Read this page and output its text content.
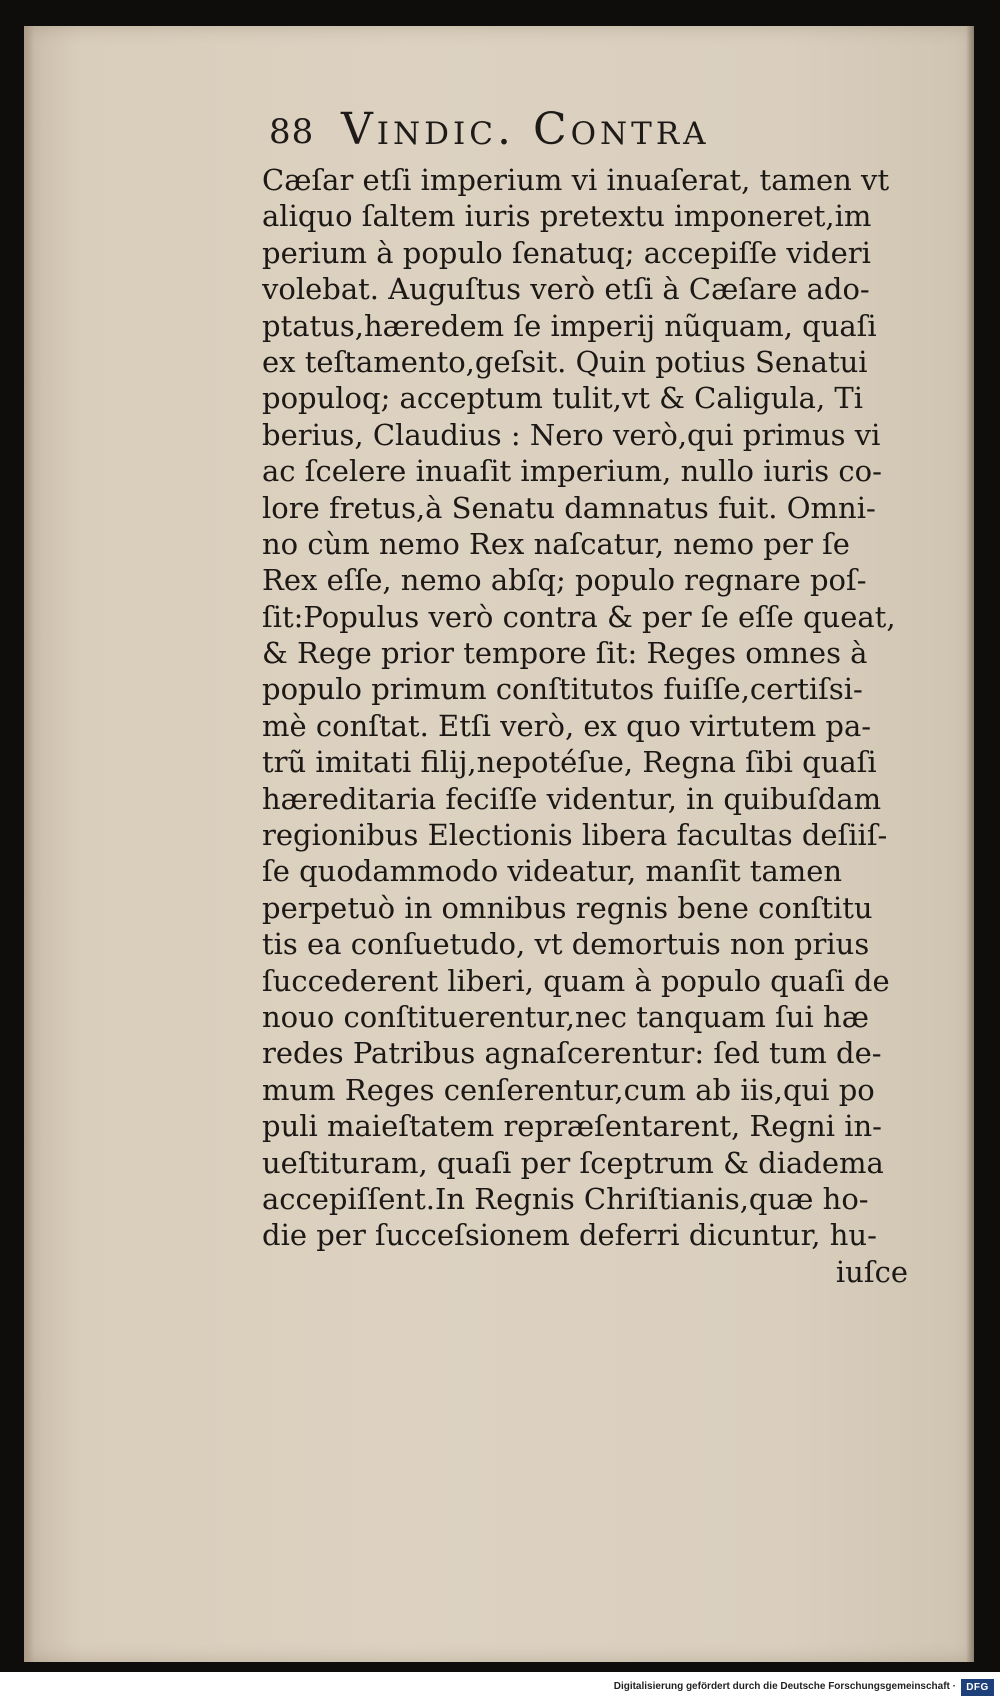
88 Vindic. Contra
Cæſar etſi imperium vi inuaſerat, tamen vt
aliquo ſaltem iuris pretextu imponeret,im
perium à populo ſenatuq; accepiſſe videri
volebat. Auguſtus verò etſi à Cæſare ado-
ptatus,hæredem ſe imperij nũquam, quaſi
ex teſtamento,geſsit. Quin potius Senatui
populoq; acceptum tulit,vt & Caligula, Ti
berius, Claudius : Nero verò,qui primus vi
ac ſcelere inuaſit imperium, nullo iuris co-
lore fretus,à Senatu damnatus fuit. Omni-
no cùm nemo Rex naſcatur, nemo per ſe
Rex eſſe, nemo abſq; populo regnare poſ-
ſit:Populus verò contra & per ſe eſſe queat,
& Rege prior tempore ſit: Reges omnes à
populo primum conſtitutos fuiſſe,certiſsi-
mè conſtat. Etſi verò, ex quo virtutem pa-
trũ imitati filij,nepotéſue, Regna ſibi quaſi
hæreditaria feciſſe videntur, in quibuſdam
regionibus Electionis libera facultas deſiiſ-
ſe quodammodo videatur, manſit tamen
perpetuò in omnibus regnis bene conſtitu
tis ea conſuetudo, vt demortuis non prius
ſuccederent liberi, quam à populo quaſi de
nouo conſtituerentur,nec tanquam ſui hæ
redes Patribus agnaſcerentur: ſed tum de-
mum Reges cenſerentur,cum ab iis,qui po
puli maieſtatem repræſentarent, Regni in-
ueſtituram, quaſi per ſceptrum & diadema
accepiſſent.In Regnis Chriſtianis,quæ ho-
die per ſucceſsionem deferri dicuntur, hu-
iuſce
Digitalisierung gefördert durch die Deutsche Forschungsgemeinschaft ·	DFG
